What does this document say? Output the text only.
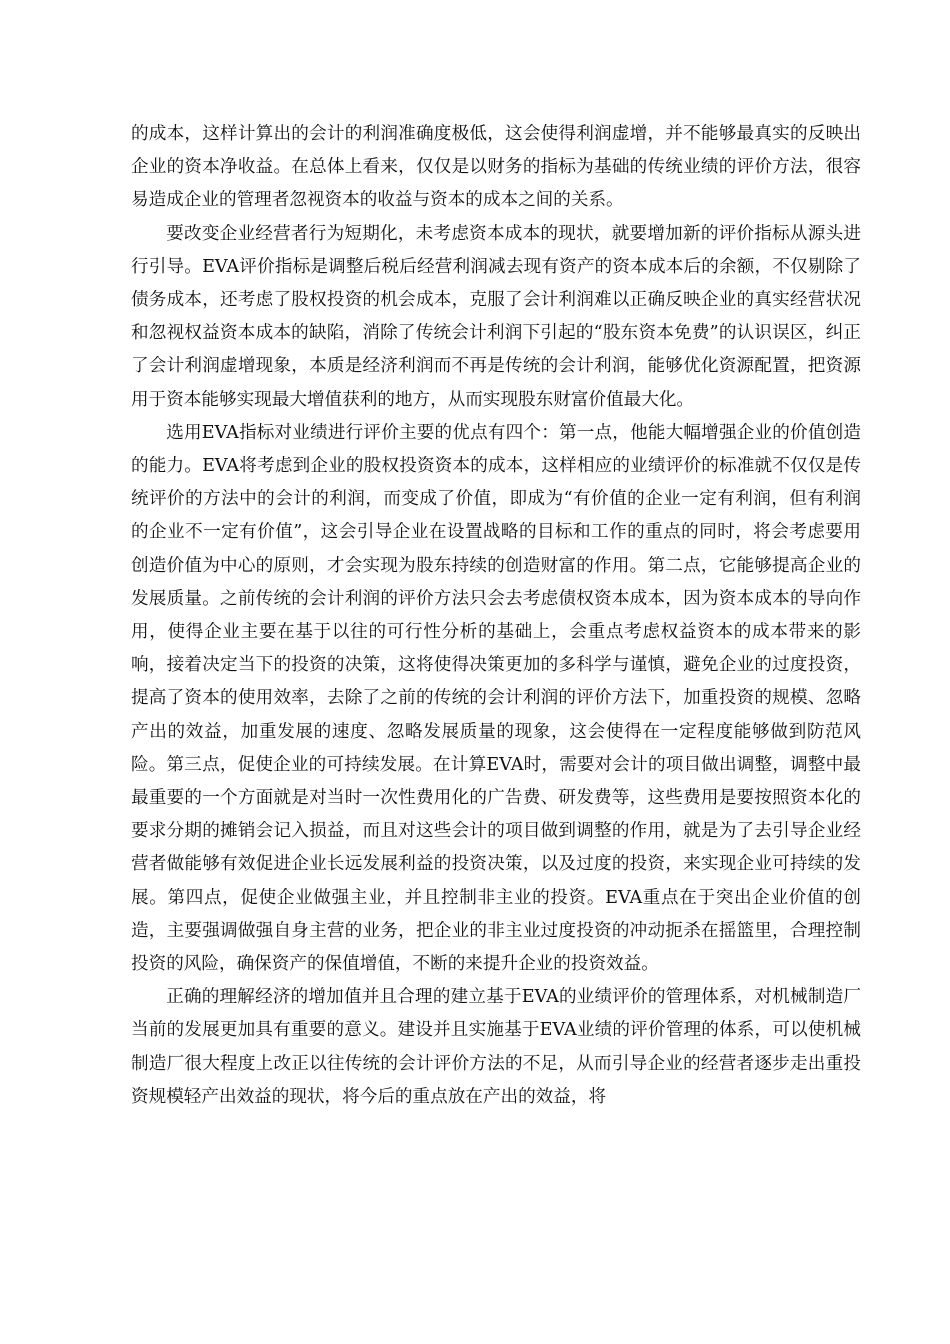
的成本，这样计算出的会计的利润准确度极低，这会使得利润虚增，并不能够最真实的反映出企业的资本净收益。在总体上看来，仅仅是以财务的指标为基础的传统业绩的评价方法，很容易造成企业的管理者忽视资本的收益与资本的成本之间的关系。

要改变企业经营者行为短期化，未考虑资本成本的现状，就要增加新的评价指标从源头进行引导。EVA评价指标是调整后税后经营利润减去现有资产的资本成本后的余额，不仅剔除了债务成本，还考虑了股权投资的机会成本，克服了会计利润难以正确反映企业的真实经营状况和忽视权益资本成本的缺陷，消除了传统会计利润下引起的“股东资本免费”的认识误区，纠正了会计利润虚增现象，本质是经济利润而不再是传统的会计利润，能够优化资源配置，把资源用于资本能够实现最大增值获利的地方，从而实现股东财富价值最大化。

选用EVA指标对业绩进行评价主要的优点有四个：第一点，他能大幅增强企业的价值创造的能力。EVA将考虑到企业的股权投资资本的成本，这样相应的业绩评价的标准就不仅仅是传统评价的方法中的会计的利润，而变成了价值，即成为“有价值的企业一定有利润，但有利润的企业不一定有价值”，这会引导企业在设置战略的目标和工作的重点的同时，将会考虑要用创造价值为中心的原则，才会实现为股东持续的创造财富的作用。第二点，它能够提高企业的发展质量。之前传统的会计利润的评价方法只会去考虑债权资本成本，因为资本成本的导向作用，使得企业主要在基于以往的可行性分析的基础上，会重点考虑权益资本的成本带来的影响，接着决定当下的投资的决策，这将使得决策更加的多科学与谨慎，避免企业的过度投资，提高了资本的使用效率，去除了之前的传统的会计利润的评价方法下，加重投资的规模、忽略产出的效益，加重发展的速度、忽略发展质量的现象，这会使得在一定程度能够做到防范风险。第三点，促使企业的可持续发展。在计算EVA时，需要对会计的项目做出调整，调整中最最重要的一个方面就是对当时一次性费用化的广告费、研发费等，这些费用是要按照资本化的要求分期的摊销会记入损益，而且对这些会计的项目做到调整的作用，就是为了去引导企业经营者做能够有效促进企业长远发展利益的投资决策，以及过度的投资，来实现企业可持续的发展。第四点，促使企业做强主业，并且控制非主业的投资。EVA重点在于突出企业价值的创造，主要强调做强自身主营的业务，把企业的非主业过度投资的冲动扼杀在摇篮里，合理控制投资的风险，确保资产的保值增值，不断的来提升企业的投资效益。

正确的理解经济的增加值并且合理的建立基于EVA的业绩评价的管理体系，对机械制造厂当前的发展更加具有重要的意义。建设并且实施基于EVA业绩的评价管理的体系，可以使机械制造厂很大程度上改正以往传统的会计评价方法的不足，从而引导企业的经营者逐步走出重投资规模轻产出效益的现状，将今后的重点放在产出的效益，将
